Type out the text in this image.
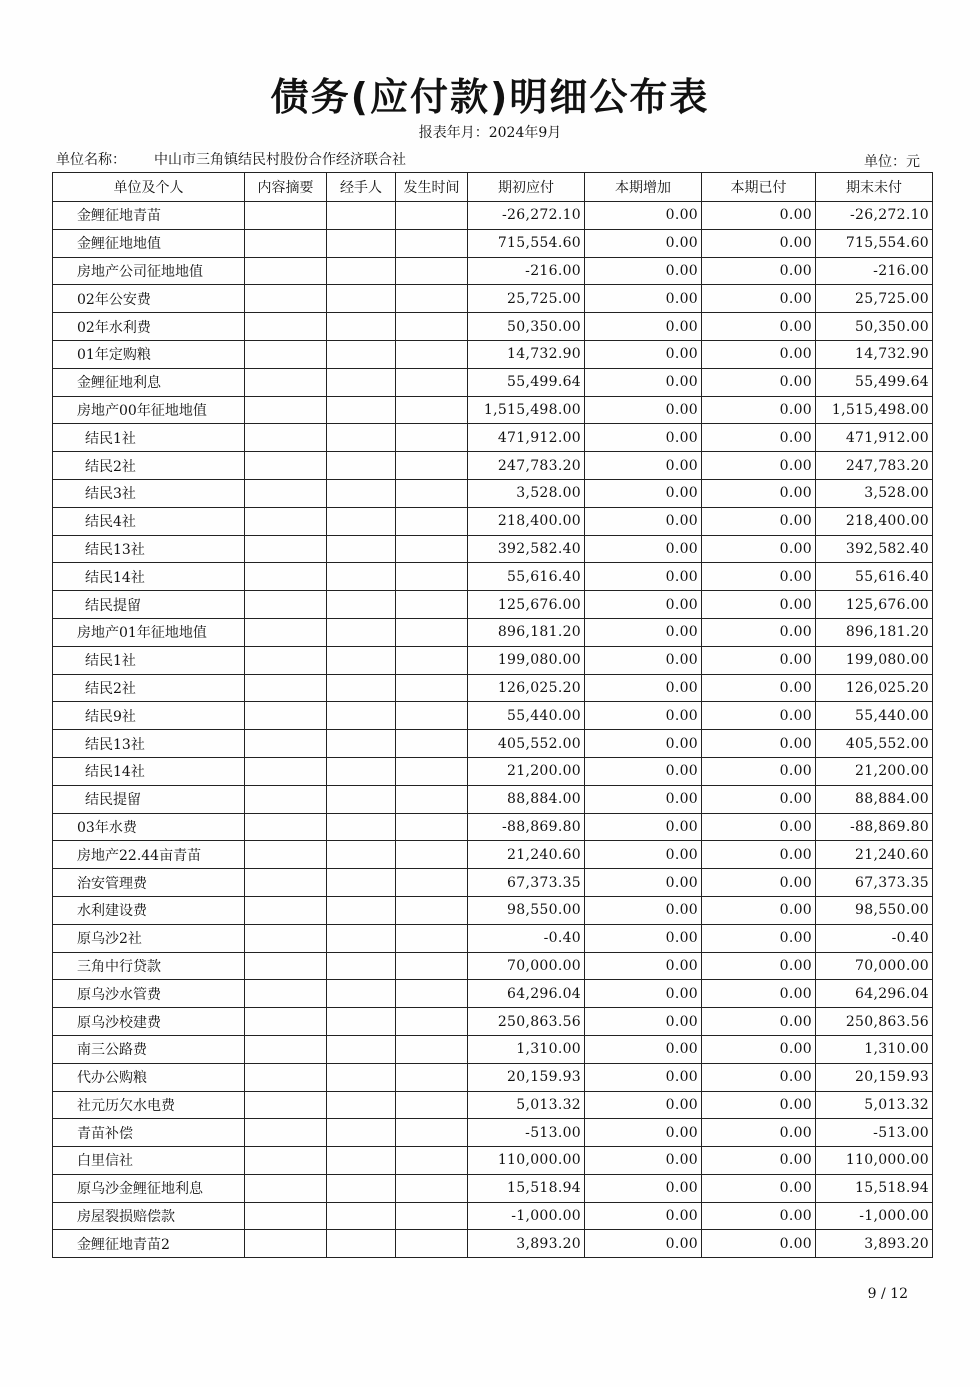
债务(应付款)明细公布表
报表年月：2024年9月
单位名称： 中山市三角镇结民村股份合作经济联合社	单位：元
单位及个人	内容摘要	经手人	发生时间	期初应付	本期增加	本期已付	期末未付
金鲤征地青苗				-26,272.10	0.00	0.00	-26,272.10
金鲤征地地值				715,554.60	0.00	0.00	715,554.60
房地产公司征地地值				-216.00	0.00	0.00	-216.00
02年公安费				25,725.00	0.00	0.00	25,725.00
02年水利费				50,350.00	0.00	0.00	50,350.00
01年定购粮				14,732.90	0.00	0.00	14,732.90
金鲤征地利息				55,499.64	0.00	0.00	55,499.64
房地产00年征地地值				1,515,498.00	0.00	0.00	1,515,498.00
结民1社				471,912.00	0.00	0.00	471,912.00
结民2社				247,783.20	0.00	0.00	247,783.20
结民3社				3,528.00	0.00	0.00	3,528.00
结民4社				218,400.00	0.00	0.00	218,400.00
结民13社				392,582.40	0.00	0.00	392,582.40
结民14社				55,616.40	0.00	0.00	55,616.40
结民提留				125,676.00	0.00	0.00	125,676.00
房地产01年征地地值				896,181.20	0.00	0.00	896,181.20
结民1社				199,080.00	0.00	0.00	199,080.00
结民2社				126,025.20	0.00	0.00	126,025.20
结民9社				55,440.00	0.00	0.00	55,440.00
结民13社				405,552.00	0.00	0.00	405,552.00
结民14社				21,200.00	0.00	0.00	21,200.00
结民提留				88,884.00	0.00	0.00	88,884.00
03年水费				-88,869.80	0.00	0.00	-88,869.80
房地产22.44亩青苗				21,240.60	0.00	0.00	21,240.60
治安管理费				67,373.35	0.00	0.00	67,373.35
水利建设费				98,550.00	0.00	0.00	98,550.00
原乌沙2社				-0.40	0.00	0.00	-0.40
三角中行贷款				70,000.00	0.00	0.00	70,000.00
原乌沙水管费				64,296.04	0.00	0.00	64,296.04
原乌沙校建费				250,863.56	0.00	0.00	250,863.56
南三公路费				1,310.00	0.00	0.00	1,310.00
代办公购粮				20,159.93	0.00	0.00	20,159.93
社元历欠水电费				5,013.32	0.00	0.00	5,013.32
青苗补偿				-513.00	0.00	0.00	-513.00
白里信社				110,000.00	0.00	0.00	110,000.00
原乌沙金鲤征地利息				15,518.94	0.00	0.00	15,518.94
房屋裂损赔偿款				-1,000.00	0.00	0.00	-1,000.00
金鲤征地青苗2				3,893.20	0.00	0.00	3,893.20
9 / 12
